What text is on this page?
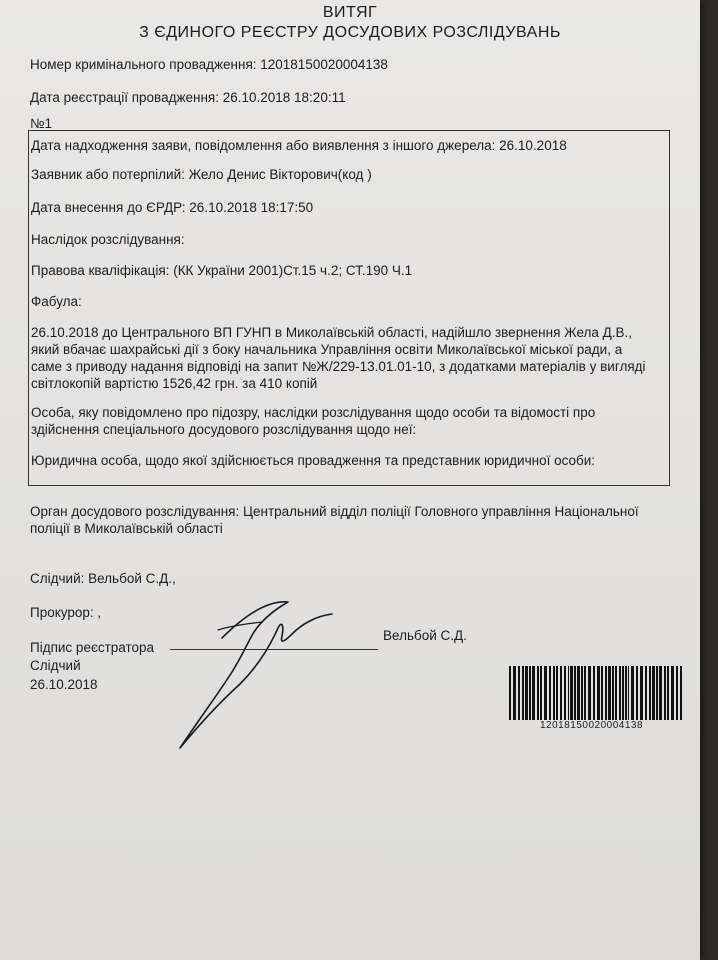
ВИТЯГ
З ЄДИНОГО РЕЄСТРУ ДОСУДОВИХ РОЗСЛІДУВАНЬ
Номер кримінального провадження: 12018150020004138
Дата реєстрації провадження: 26.10.2018 18:20:11
№1
Дата надходження заяви, повідомлення або виявлення з іншого джерела: 26.10.2018
Заявник або потерпілий: Жело Денис Вікторович(код )
Дата внесення до ЄРДР: 26.10.2018 18:17:50
Наслідок розслідування:
Правова кваліфікація: (КК України 2001)Ст.15 ч.2; СТ.190 Ч.1
Фабула:
26.10.2018 до Центрального ВП ГУНП в Миколаївській області, надійшло звернення Жела Д.В.,
який вбачає шахрайські дії з боку начальника Управління освіти Миколаївської міської ради, а
саме з приводу надання відповіді на запит №Ж/229-13.01.01-10, з додатками матеріалів у вигляді
світлокопій вартістю 1526,42 грн. за 410 копій
Особа, яку повідомлено про підозру, наслідки розслідування щодо особи та відомості про
здійснення спеціального досудового розслідування щодо неї:
Юридична особа, щодо якої здійснюється провадження та представник юридичної особи:
Орган досудового розслідування: Центральний відділ поліції Головного управління Національної
поліції в Миколаївській області
Слідчий: Вельбой С.Д.,
Прокурор: ,
Підпис реєстратора
Вельбой С.Д.
Слідчий
26.10.2018
12018150020004138
